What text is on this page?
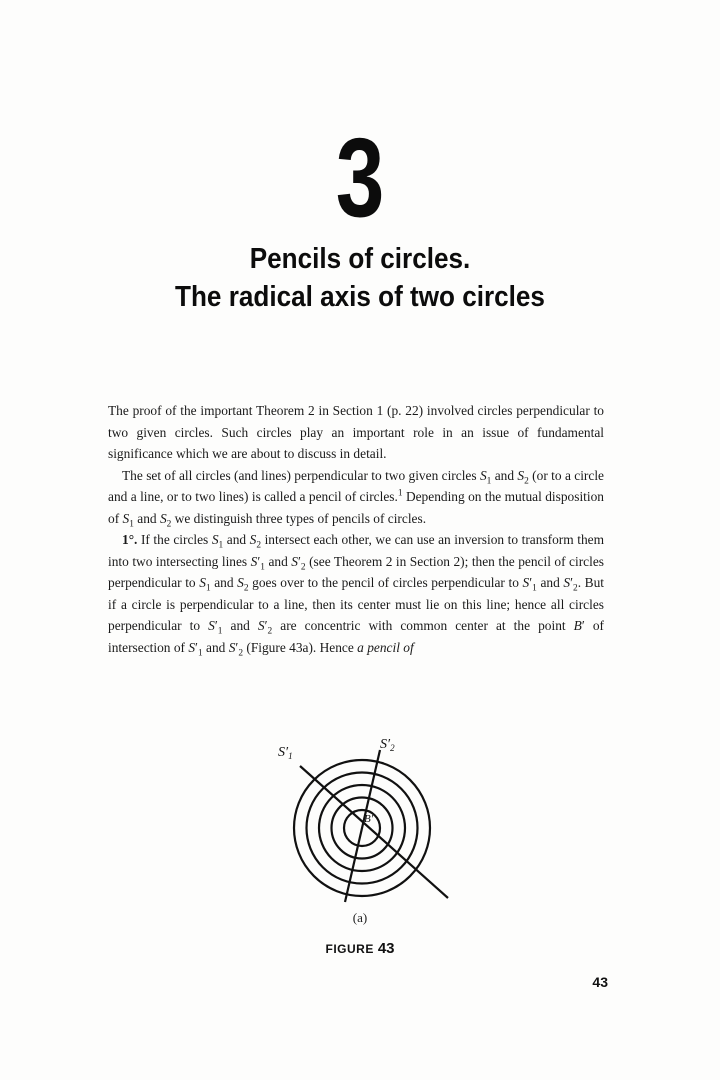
3
Pencils of circles.
The radical axis of two circles

The proof of the important Theorem 2 in Section 1 (p. 22) involved circles perpendicular to two given circles. Such circles play an important role in an issue of fundamental significance which we are about to discuss in detail.

The set of all circles (and lines) perpendicular to two given circles $S_1$ and $S_2$ (or to a circle and a line, or to two lines) is called a pencil of circles.$^1$ Depending on the mutual disposition of $S_1$ and $S_2$ we distinguish three types of pencils of circles.

1°. If the circles $S_1$ and $S_2$ intersect each other, we can use an inversion to transform them into two intersecting lines $S'_1$ and $S'_2$ (see Theorem 2 in Section 2); then the pencil of circles perpendicular to $S_1$ and $S_2$ goes over to the pencil of circles perpendicular to $S'_1$ and $S'_2$. But if a circle is perpendicular to a line, then its center must lie on this line; hence all circles perpendicular to $S'_1$ and $S'_2$ are concentric with common center at the point B′ of intersection of $S'_1$ and $S'_2$ (Figure 43a). Hence a pencil of

$S'_1$
$S'_2$
B′
(a)
FIGURE 43
43
